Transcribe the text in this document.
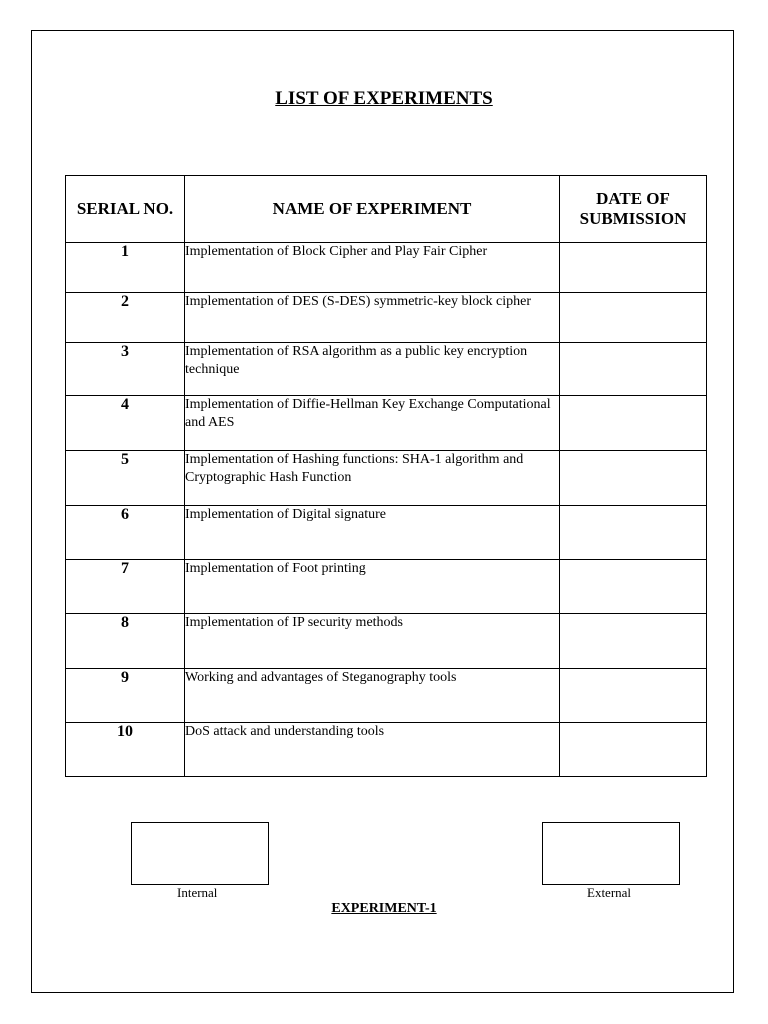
LIST OF EXPERIMENTS
SERIAL NO.	NAME OF EXPERIMENT	DATE OF
SUBMISSION
1	Implementation of Block Cipher and Play Fair Cipher	
2	Implementation of DES (S-DES) symmetric-key block cipher	
3	Implementation of RSA algorithm as a public key encryption technique	
4	Implementation of Diffie-Hellman Key Exchange Computational and AES	
5	Implementation of Hashing functions: SHA-1 algorithm and Cryptographic Hash Function	
6	Implementation of Digital signature	
7	Implementation of Foot printing	
8	Implementation of IP security methods	
9	Working and advantages of Steganography tools	
10	DoS attack and understanding tools	
Internal	External
EXPERIMENT-1
